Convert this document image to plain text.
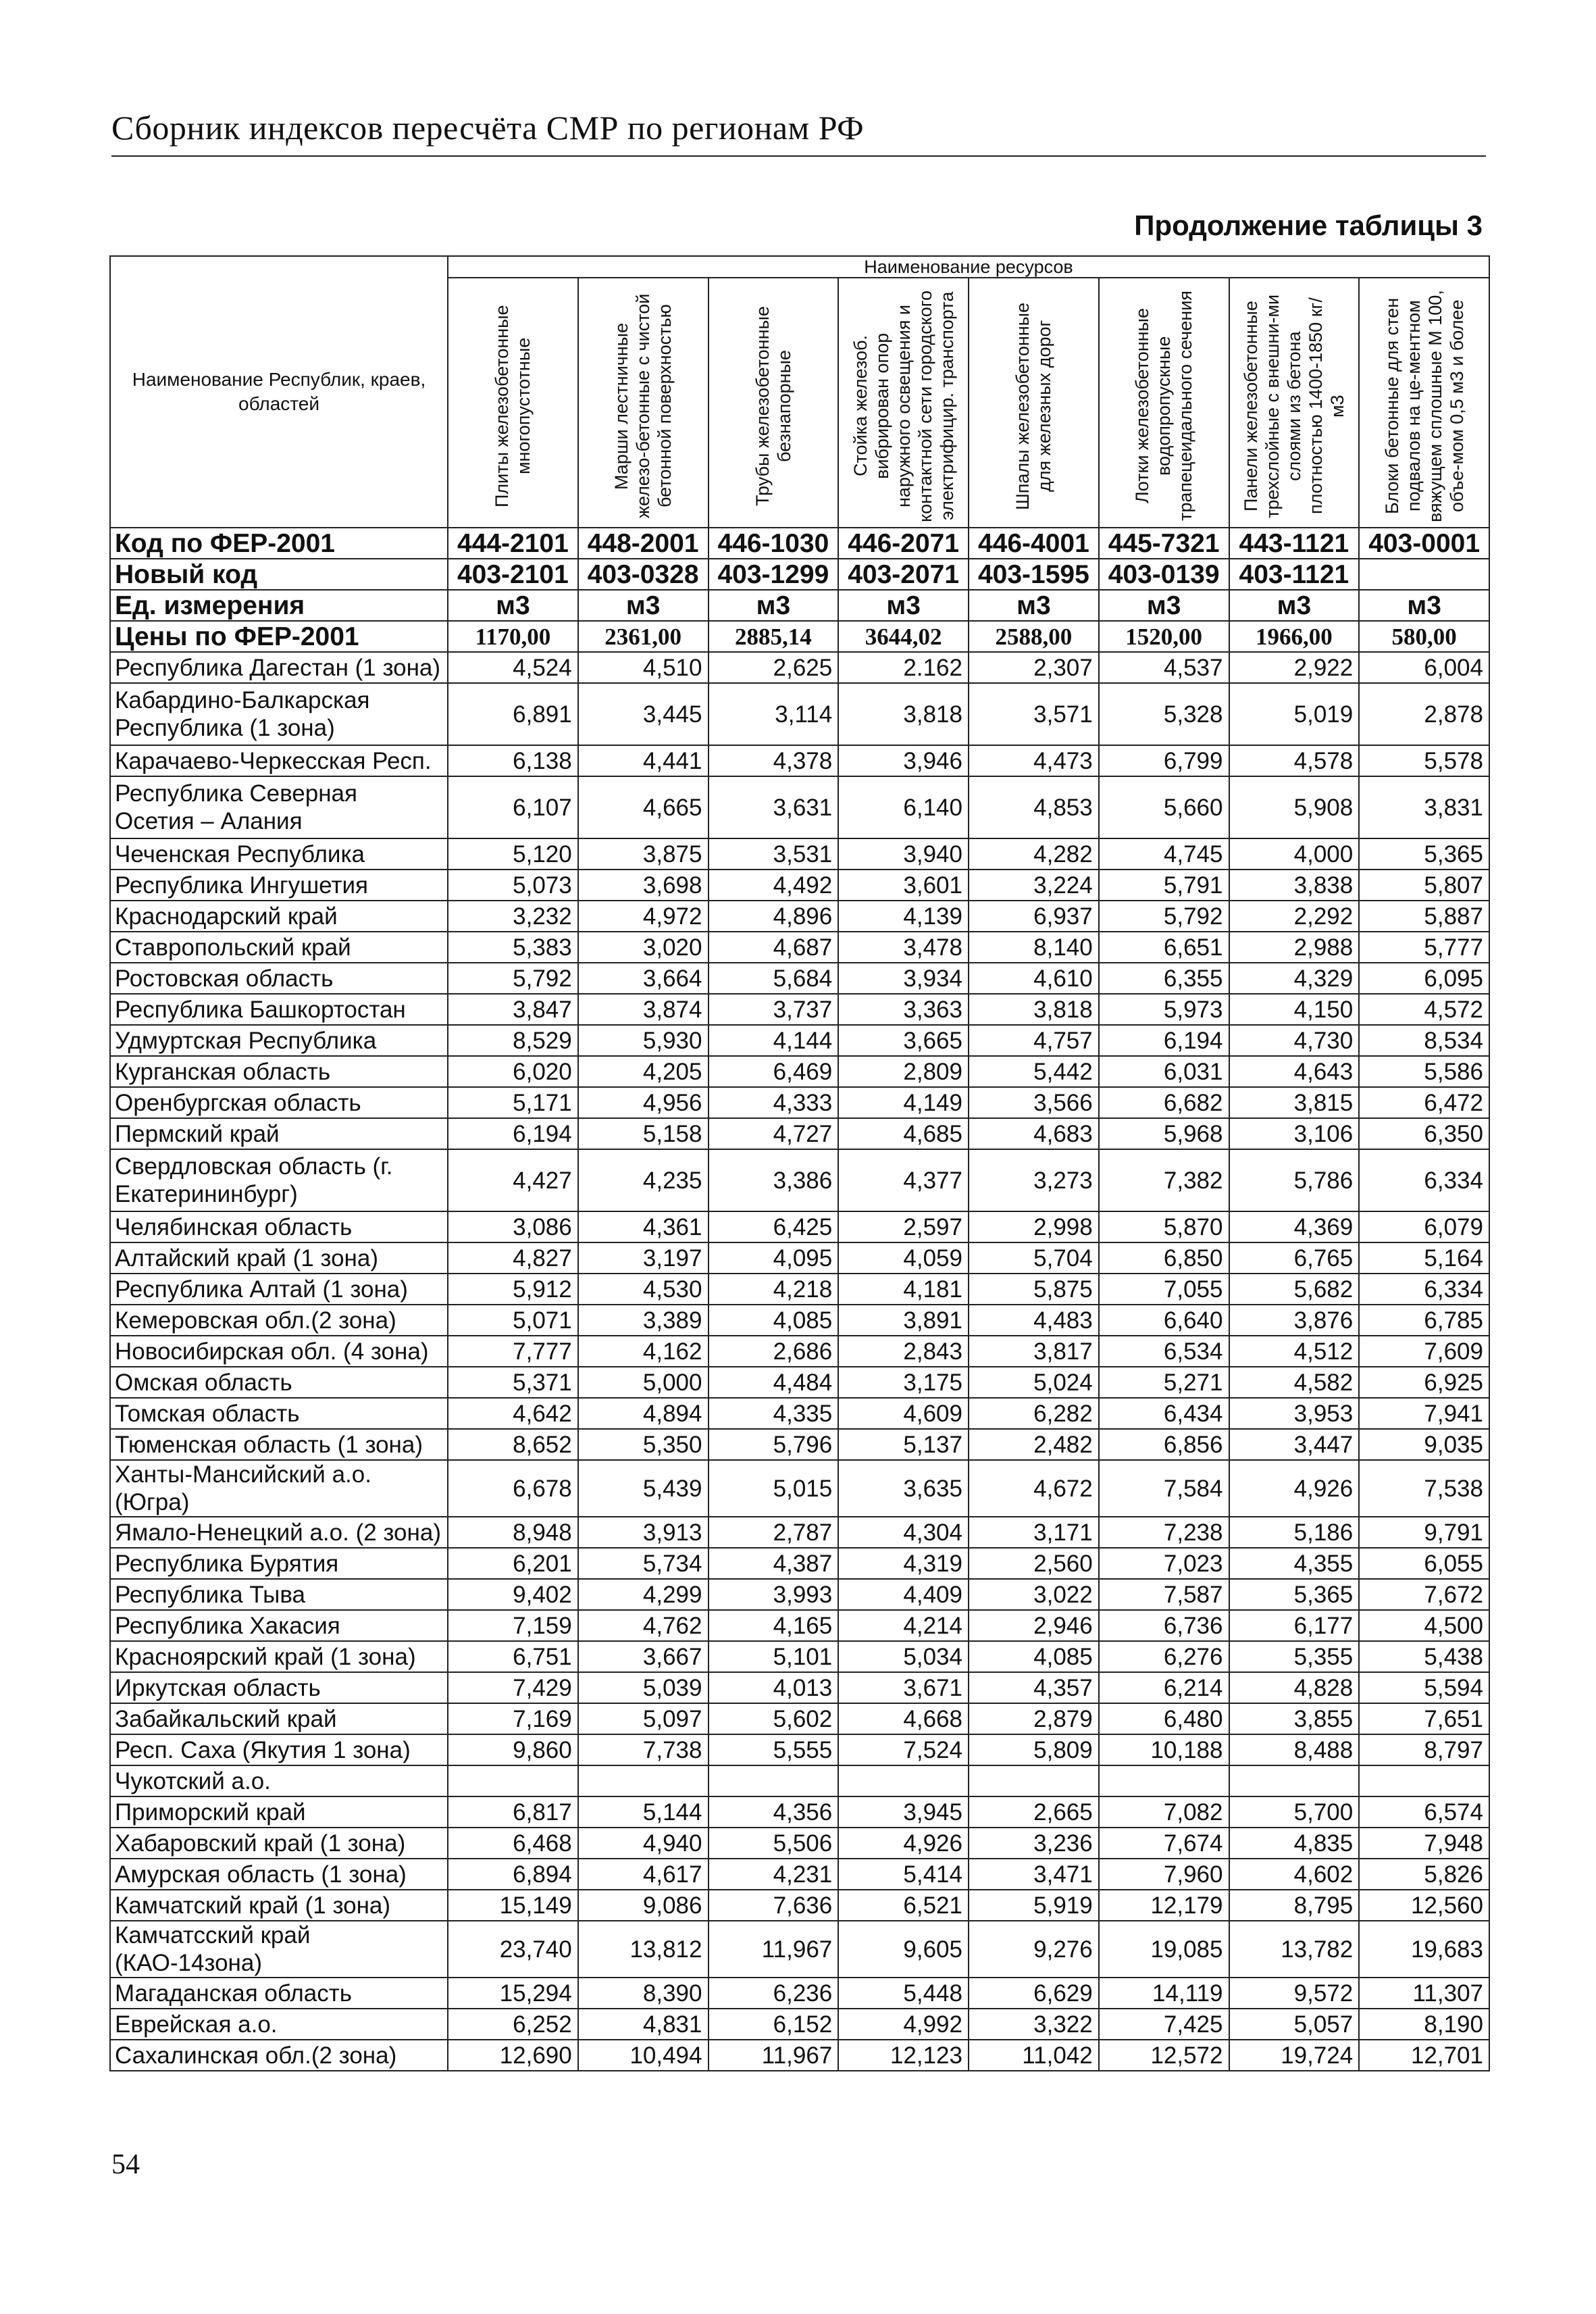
Сборник индексов пересчёта СМР по регионам РФ
Продолжение таблицы 3
Наименование Республик, краев, областей	Наименование ресурсов							

	Плиты железобетонные многопустотные	Марши лестничные железо-бетонные с чистой бетонной поверхностью	Трубы железобетонные безнапорные	Стойка железоб. вибрирован опор наружного освещения и контактной сети городского электрифицир. транспорта	Шпалы железобетонные для железных дорог	Лотки железобетонные водопропускные трапецеидального сечения	Панели железобетонные трехслойные с внешни-ми слоями из бетона плотностью 1400-1850 кг/м3	Блоки бетонные для стен подвалов на це-ментном вяжущем сплошные М 100, объе-мом 0,5 м3 и более

Код по ФЕР-2001	444-2101	448-2001	446-1030	446-2071	446-4001	445-7321	443-1121	403-0001
Новый код	403-2101	403-0328	403-1299	403-2071	403-1595	403-0139	403-1121	
Ед. измерения	м3	м3	м3	м3	м3	м3	м3	м3
Цены по ФЕР-2001	1170,00	2361,00	2885,14	3644,02	2588,00	1520,00	1966,00	580,00
Республика Дагестан (1 зона)	4,524	4,510	2,625	2.162	2,307	4,537	2,922	6,004
Кабардино-Балкарская Республика (1 зона)	6,891	3,445	3,114	3,818	3,571	5,328	5,019	2,878
Карачаево-Черкесская Респ.	6,138	4,441	4,378	3,946	4,473	6,799	4,578	5,578
Республика Северная Осетия – Алания	6,107	4,665	3,631	6,140	4,853	5,660	5,908	3,831
Чеченская Республика	5,120	3,875	3,531	3,940	4,282	4,745	4,000	5,365
Республика Ингушетия	5,073	3,698	4,492	3,601	3,224	5,791	3,838	5,807
Краснодарский край	3,232	4,972	4,896	4,139	6,937	5,792	2,292	5,887
Ставропольский край	5,383	3,020	4,687	3,478	8,140	6,651	2,988	5,777
Ростовская область	5,792	3,664	5,684	3,934	4,610	6,355	4,329	6,095
Республика Башкортостан	3,847	3,874	3,737	3,363	3,818	5,973	4,150	4,572
Удмуртская Республика	8,529	5,930	4,144	3,665	4,757	6,194	4,730	8,534
Курганская область	6,020	4,205	6,469	2,809	5,442	6,031	4,643	5,586
Оренбургская область	5,171	4,956	4,333	4,149	3,566	6,682	3,815	6,472
Пермский край	6,194	5,158	4,727	4,685	4,683	5,968	3,106	6,350
Свердловская область (г. Екатерининбург)	4,427	4,235	3,386	4,377	3,273	7,382	5,786	6,334
Челябинская область	3,086	4,361	6,425	2,597	2,998	5,870	4,369	6,079
Алтайский край (1 зона)	4,827	3,197	4,095	4,059	5,704	6,850	6,765	5,164
Республика Алтай (1 зона)	5,912	4,530	4,218	4,181	5,875	7,055	5,682	6,334
Кемеровская обл.(2 зона)	5,071	3,389	4,085	3,891	4,483	6,640	3,876	6,785
Новосибирская обл. (4 зона)	7,777	4,162	2,686	2,843	3,817	6,534	4,512	7,609
Омская область	5,371	5,000	4,484	3,175	5,024	5,271	4,582	6,925
Томская область	4,642	4,894	4,335	4,609	6,282	6,434	3,953	7,941
Тюменская область (1 зона)	8,652	5,350	5,796	5,137	2,482	6,856	3,447	9,035
Ханты-Мансийский а.о.(Югра)	6,678	5,439	5,015	3,635	4,672	7,584	4,926	7,538
Ямало-Ненецкий а.о. (2 зона)	8,948	3,913	2,787	4,304	3,171	7,238	5,186	9,791
Республика Бурятия	6,201	5,734	4,387	4,319	2,560	7,023	4,355	6,055
Республика Тыва	9,402	4,299	3,993	4,409	3,022	7,587	5,365	7,672
Республика Хакасия	7,159	4,762	4,165	4,214	2,946	6,736	6,177	4,500
Красноярский край (1 зона)	6,751	3,667	5,101	5,034	4,085	6,276	5,355	5,438
Иркутская область	7,429	5,039	4,013	3,671	4,357	6,214	4,828	5,594
Забайкальский край	7,169	5,097	5,602	4,668	2,879	6,480	3,855	7,651
Респ. Саха (Якутия 1 зона)	9,860	7,738	5,555	7,524	5,809	10,188	8,488	8,797
Чукотский а.о.								
Приморский край	6,817	5,144	4,356	3,945	2,665	7,082	5,700	6,574
Хабаровский край (1 зона)	6,468	4,940	5,506	4,926	3,236	7,674	4,835	7,948
Амурская область (1 зона)	6,894	4,617	4,231	5,414	3,471	7,960	4,602	5,826
Камчатский край (1 зона)	15,149	9,086	7,636	6,521	5,919	12,179	8,795	12,560
Камчатсский край (КАО-14зона)	23,740	13,812	11,967	9,605	9,276	19,085	13,782	19,683
Магаданская область	15,294	8,390	6,236	5,448	6,629	14,119	9,572	11,307
Еврейская а.о.	6,252	4,831	6,152	4,992	3,322	7,425	5,057	8,190
Сахалинская обл.(2 зона)	12,690	10,494	11,967	12,123	11,042	12,572	19,724	12,701
54
